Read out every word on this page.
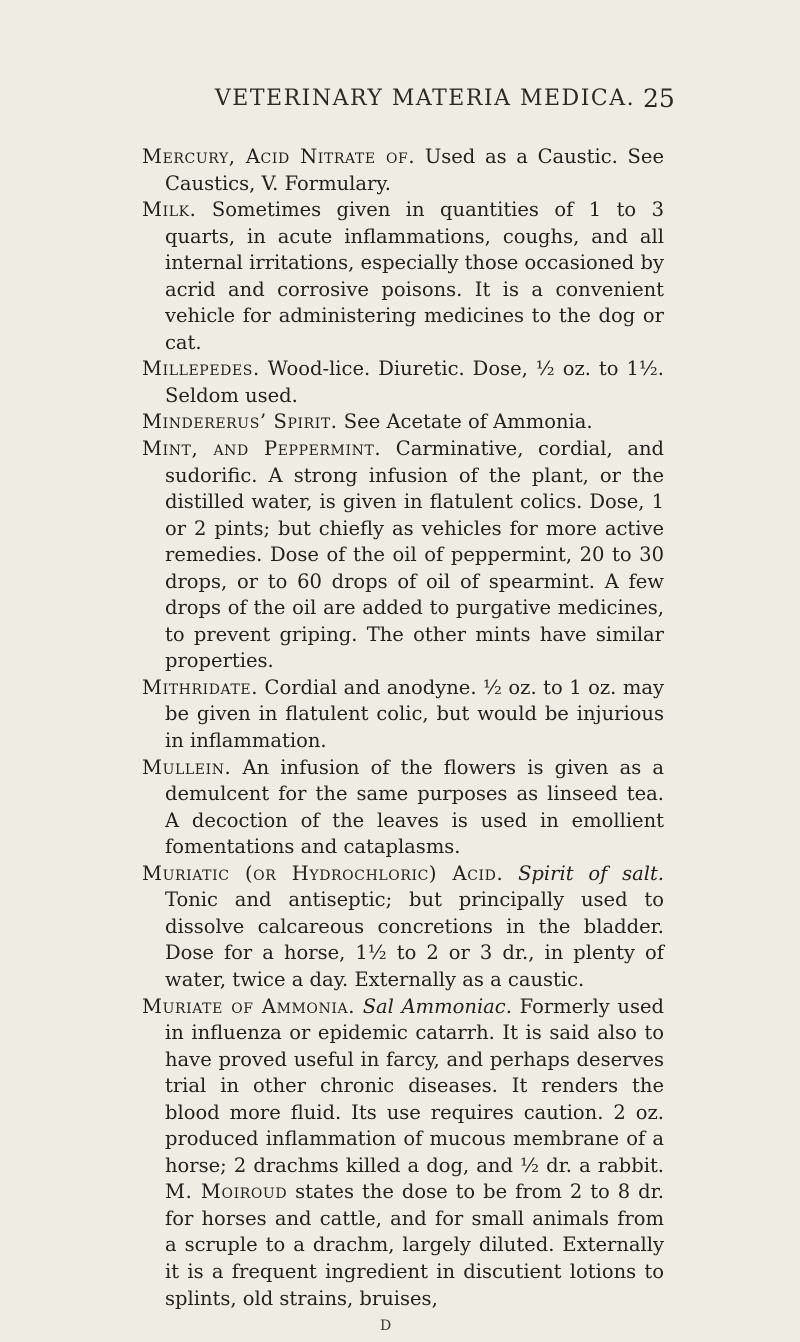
VETERINARY MATERIA MEDICA. 25

Mercury, Acid Nitrate of. Used as a Caustic. See Caustics, V. Formulary.

Milk. Sometimes given in quantities of 1 to 3 quarts, in acute inflammations, coughs, and all internal irritations, especially those occasioned by acrid and corrosive poisons. It is a convenient vehicle for administering medicines to the dog or cat.

Millepedes. Wood-lice. Diuretic. Dose, ½ oz. to 1½. Seldom used.

Mindererus’ Spirit. See Acetate of Ammonia.

Mint, and Peppermint. Carminative, cordial, and sudorific. A strong infusion of the plant, or the distilled water, is given in flatulent colics. Dose, 1 or 2 pints; but chiefly as vehicles for more active remedies. Dose of the oil of peppermint, 20 to 30 drops, or to 60 drops of oil of spearmint. A few drops of the oil are added to purgative medicines, to prevent griping. The other mints have similar properties.

Mithridate. Cordial and anodyne. ½ oz. to 1 oz. may be given in flatulent colic, but would be injurious in inflammation.

Mullein. An infusion of the flowers is given as a demulcent for the same purposes as linseed tea. A decoction of the leaves is used in emollient fomentations and cataplasms.

Muriatic (or Hydrochloric) Acid. Spirit of salt. Tonic and antiseptic; but principally used to dissolve calcareous concretions in the bladder. Dose for a horse, 1½ to 2 or 3 dr., in plenty of water, twice a day. Externally as a caustic.

Muriate of Ammonia. Sal Ammoniac. Formerly used in influenza or epidemic catarrh. It is said also to have proved useful in farcy, and perhaps deserves trial in other chronic diseases. It renders the blood more fluid. Its use requires caution. 2 oz. produced inflammation of mucous membrane of a horse; 2 drachms killed a dog, and ½ dr. a rabbit. M. Moiroud states the dose to be from 2 to 8 dr. for horses and cattle, and for small animals from a scruple to a drachm, largely diluted. Externally it is a frequent ingredient in discutient lotions to splints, old strains, bruises,

D
